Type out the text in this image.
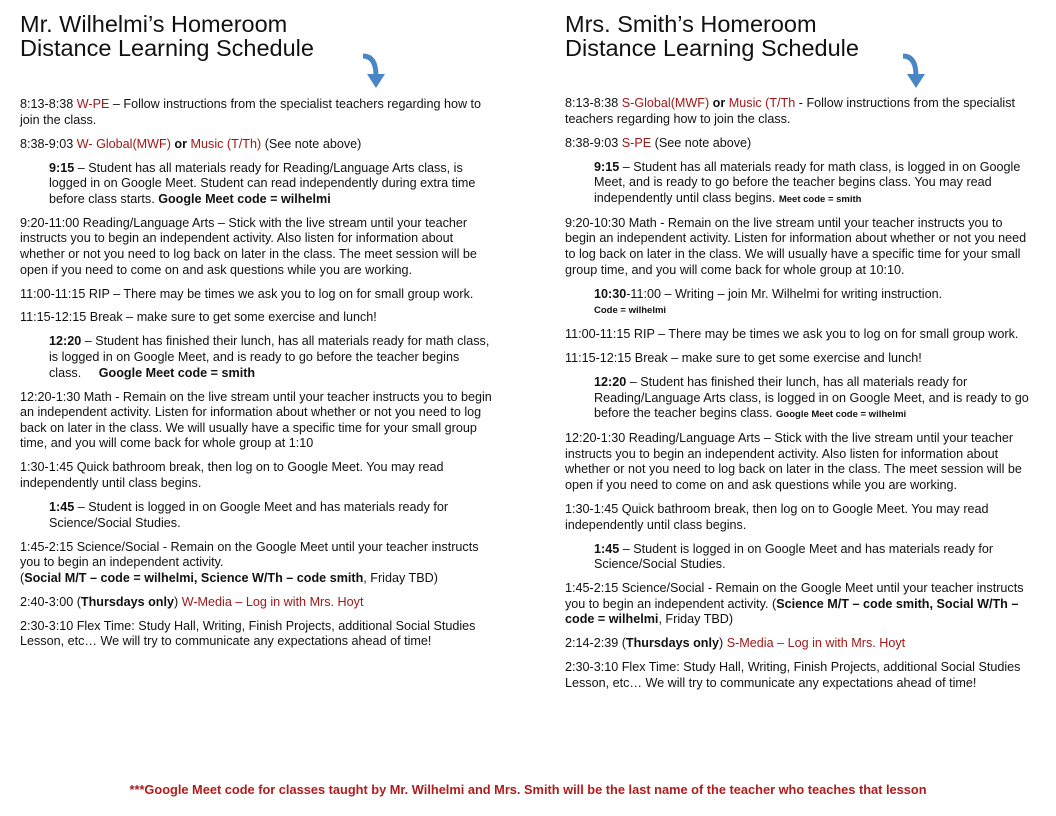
Mr. Wilhelmi’s Homeroom
Distance Learning Schedule

8:13-8:38 W-PE – Follow instructions from the specialist teachers regarding how to join the class.

8:38-9:03 W- Global(MWF) or Music (T/Th) (See note above)

9:15 – Student has all materials ready for Reading/Language Arts class, is logged in on Google Meet. Student can read independently during extra time before class starts. Google Meet code = wilhelmi

9:20-11:00 Reading/Language Arts – Stick with the live stream until your teacher instructs you to begin an independent activity. Also listen for information about whether or not you need to log back on later in the class. The meet session will be open if you need to come on and ask questions while you are working.

11:00-11:15 RIP – There may be times we ask you to log on for small group work.

11:15-12:15 Break – make sure to get some exercise and lunch!

12:20 – Student has finished their lunch, has all materials ready for math class, is logged in on Google Meet, and is ready to go before the teacher begins class. Google Meet code = smith

12:20-1:30 Math - Remain on the live stream until your teacher instructs you to begin an independent activity. Listen for information about whether or not you need to log back on later in the class. We will usually have a specific time for your small group time, and you will come back for whole group at 1:10

1:30-1:45 Quick bathroom break, then log on to Google Meet. You may read independently until class begins.

1:45 – Student is logged in on Google Meet and has materials ready for Science/Social Studies.

1:45-2:15 Science/Social - Remain on the Google Meet until your teacher instructs you to begin an independent activity.
(Social M/T – code = wilhelmi, Science W/Th – code smith, Friday TBD)

2:40-3:00 (Thursdays only) W-Media – Log in with Mrs. Hoyt

2:30-3:10 Flex Time: Study Hall, Writing, Finish Projects, additional Social Studies Lesson, etc… We will try to communicate any expectations ahead of time!

Mrs. Smith’s Homeroom
Distance Learning Schedule

8:13-8:38 S-Global(MWF) or Music (T/Th - Follow instructions from the specialist teachers regarding how to join the class.

8:38-9:03 S-PE (See note above)

9:15 – Student has all materials ready for math class, is logged in on Google Meet, and is ready to go before the teacher begins class. You may read independently until class begins. Meet code = smith

9:20-10:30 Math - Remain on the live stream until your teacher instructs you to begin an independent activity. Listen for information about whether or not you need to log back on later in the class. We will usually have a specific time for your small group time, and you will come back for whole group at 10:10.

10:30-11:00 – Writing – join Mr. Wilhelmi for writing instruction.
Code = wilhelmi

11:00-11:15 RIP – There may be times we ask you to log on for small group work.

11:15-12:15 Break – make sure to get some exercise and lunch!

12:20 – Student has finished their lunch, has all materials ready for Reading/Language Arts class, is logged in on Google Meet, and is ready to go before the teacher begins class. Google Meet code = wilhelmi

12:20-1:30 Reading/Language Arts – Stick with the live stream until your teacher instructs you to begin an independent activity. Also listen for information about whether or not you need to log back on later in the class. The meet session will be open if you need to come on and ask questions while you are working.

1:30-1:45 Quick bathroom break, then log on to Google Meet. You may read independently until class begins.

1:45 – Student is logged in on Google Meet and has materials ready for Science/Social Studies.

1:45-2:15 Science/Social - Remain on the Google Meet until your teacher instructs you to begin an independent activity. (Science M/T – code smith, Social W/Th – code = wilhelmi, Friday TBD)

2:14-2:39 (Thursdays only) S-Media – Log in with Mrs. Hoyt

2:30-3:10 Flex Time: Study Hall, Writing, Finish Projects, additional Social Studies Lesson, etc… We will try to communicate any expectations ahead of time!

***Google Meet code for classes taught by Mr. Wilhelmi and Mrs. Smith will be the last name of the teacher who teaches that lesson
